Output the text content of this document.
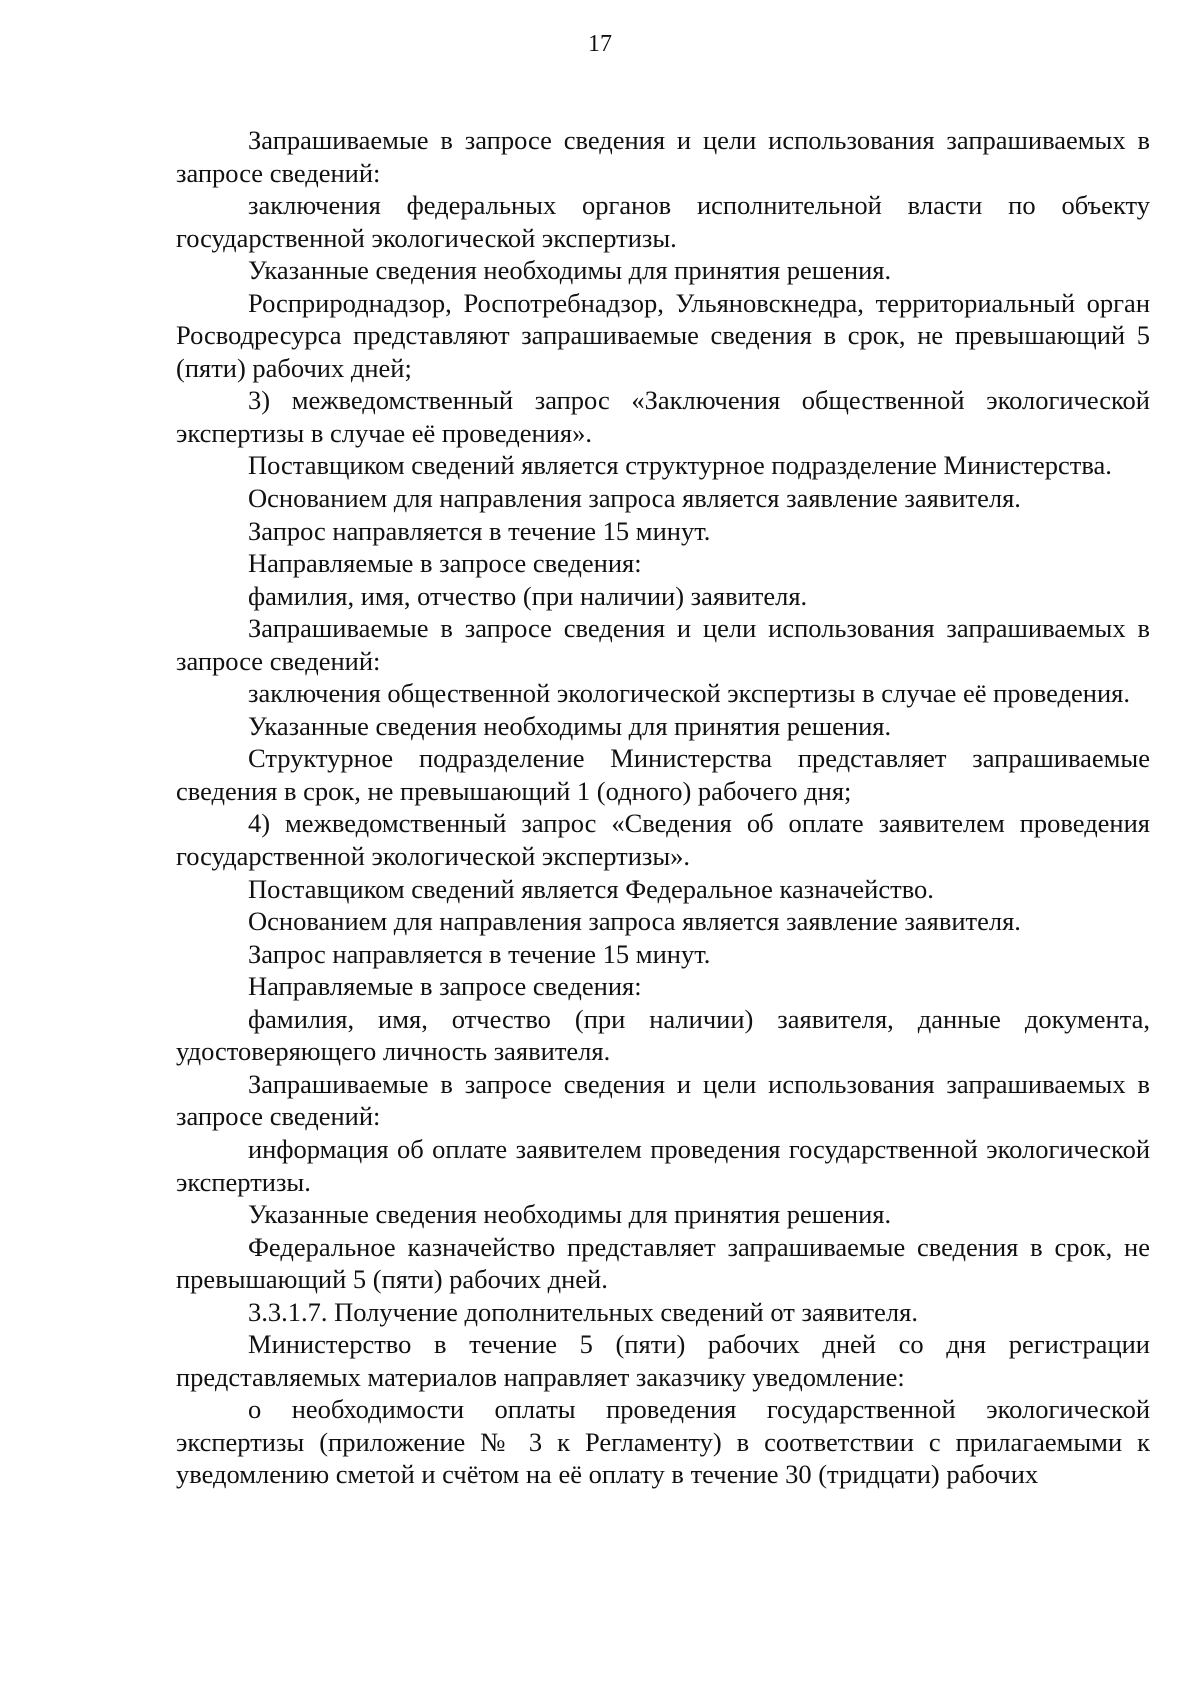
17

Запрашиваемые в запросе сведения и цели использования запрашиваемых в запросе сведений:

заключения федеральных органов исполнительной власти по объекту государственной экологической экспертизы.

Указанные сведения необходимы для принятия решения.

Росприроднадзор, Роспотребнадзор, Ульяновскнедра, территориальный орган Росводресурса представляют запрашиваемые сведения в срок, не превышающий 5 (пяти) рабочих дней;

3) межведомственный запрос «Заключения общественной экологической экспертизы в случае её проведения».

Поставщиком сведений является структурное подразделение Министерства.

Основанием для направления запроса является заявление заявителя.

Запрос направляется в течение 15 минут.

Направляемые в запросе сведения:

фамилия, имя, отчество (при наличии) заявителя.

Запрашиваемые в запросе сведения и цели использования запрашиваемых в запросе сведений:

заключения общественной экологической экспертизы в случае её проведения.

Указанные сведения необходимы для принятия решения.

Структурное подразделение Министерства представляет запрашиваемые сведения в срок, не превышающий 1 (одного) рабочего дня;

4) межведомственный запрос «Сведения об оплате заявителем проведения государственной экологической экспертизы».

Поставщиком сведений является Федеральное казначейство.

Основанием для направления запроса является заявление заявителя.

Запрос направляется в течение 15 минут.

Направляемые в запросе сведения:

фамилия, имя, отчество (при наличии) заявителя, данные документа, удостоверяющего личность заявителя.

Запрашиваемые в запросе сведения и цели использования запрашиваемых в запросе сведений:

информация об оплате заявителем проведения государственной экологической экспертизы.

Указанные сведения необходимы для принятия решения.

Федеральное казначейство представляет запрашиваемые сведения в срок, не превышающий 5 (пяти) рабочих дней.

3.3.1.7. Получение дополнительных сведений от заявителя.

Министерство в течение 5 (пяти) рабочих дней со дня регистрации представляемых материалов направляет заказчику уведомление:

о необходимости оплаты проведения государственной экологической экспертизы (приложение № 3 к Регламенту) в соответствии с прилагаемыми к уведомлению сметой и счётом на её оплату в течение 30 (тридцати) рабочих
